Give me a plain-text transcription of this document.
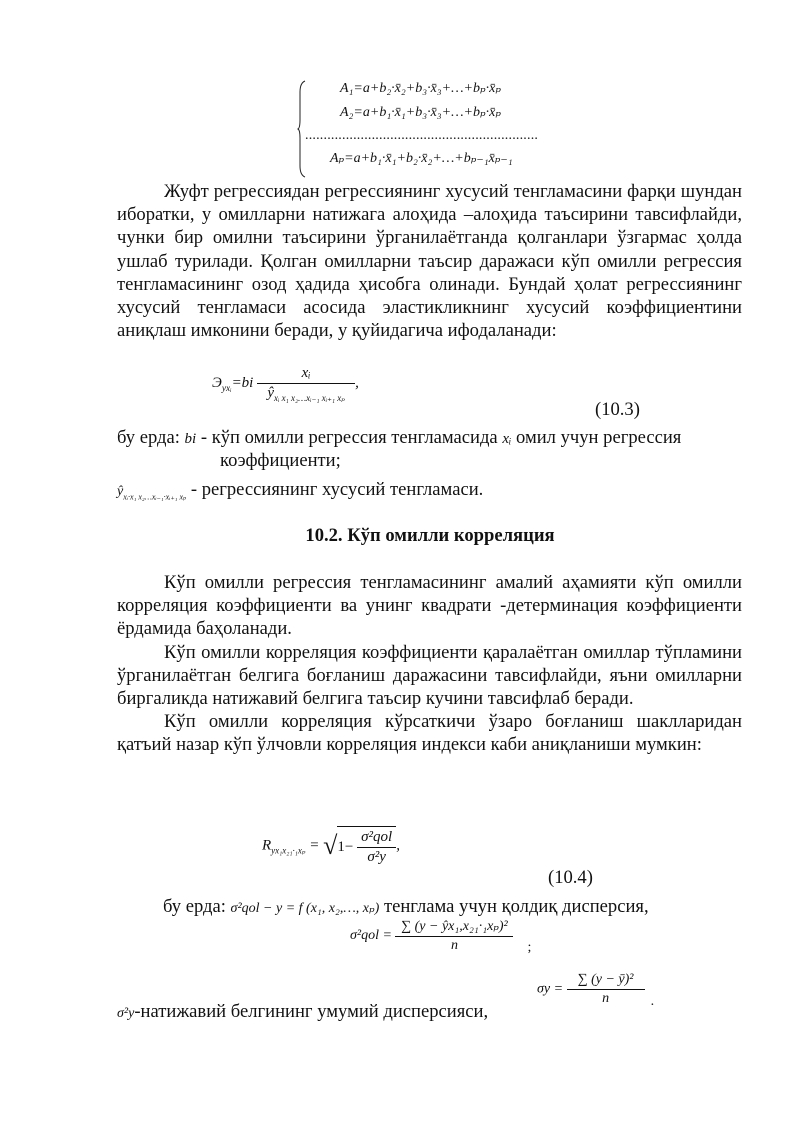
A₁=a+b₂·x̄₂+b₃·x̄₃+…+bₚ·x̄ₚ
A₂=a+b₁·x̄₁+b₃·x̄₃+…+bₚ·x̄ₚ
...............................................................
Aₚ=a+b₁·x̄₁+b₂·x̄₂+…+bₚ₋₁x̄ₚ₋₁

Жуфт регрессиядан регрессиянинг хусусий тенгламасини фарқи шундан иборатки, у омилларни натижага алоҳида –алоҳида таъсирини тавсифлайди, чунки бир омилни таъсирини ўрганилаётганда қолганлари ўзгармас ҳолда ушлаб турилади. Қолган омилларни таъсир даражаси кўп омилли регрессия тенгламасининг озод ҳадида ҳисобга олинади. Бундай ҳолат регрессиянинг хусусий тенгламаси асосида эластикликнинг хусусий коэффициентини аниқлаш имконини беради, у қуйидагича ифодаланади:

$Э_{yxᵢ}=bi \frac{\text{xᵢ}}{ŷ_{xᵢ x_1 x_2\dots xᵢ_{-1} xᵢ_{+1} x_p}}$ ,
(10.3)
бу ерда: bi - кўп омилли регрессия тенгламасида xᵢ омил учун регрессия
коэффициенти;
$ŷ_{xᵢ\cdot x_1 x_2\dots xᵢ_{-1}\cdot xᵢ_{+1} x_p}$ - регрессиянинг хусусий тенгламаси.
10.2. Кўп омилли корреляция

Кўп омилли регрессия тенгламасининг амалий аҳамияти кўп омилли корреляция коэффициенти ва унинг квадрати -детерминация коэффициенти ёрдамида баҳоланади.

Кўп омилли корреляция коэффициенти қаралаётган омиллар тўпламини ўрганилаётган белгига боғланиш даражасини тавсифлайди, яъни омилларни биргаликда натижавий белгига таъсир кучини тавсифлаб беради.

Кўп омилли корреляция кўрсаткичи ўзаро боғланиш шаклларидан қатъий назар кўп ўлчовли корреляция индекси каби аниқланиши мумкин:

$R_{yx_1x_{21}\cdot_1x_p} = √1- \frac{\text{σ²qol}}{\text{σ²y}}$ ,
(10.4)
бу ерда: σ²qol − y = f (x₁, x₂,…, xₚ) тенглама учун қолдиқ дисперсия,
$\sigma^2qol = \frac{\text{∑ (y − ŷx₁,x₂₁·₁xₚ)²}}{n}$ ;
σ²y-натижавий белгининг умумий дисперсияси,
$\sigma y = \frac{\text{∑ (y − ȳ)²}}{n}$ .
